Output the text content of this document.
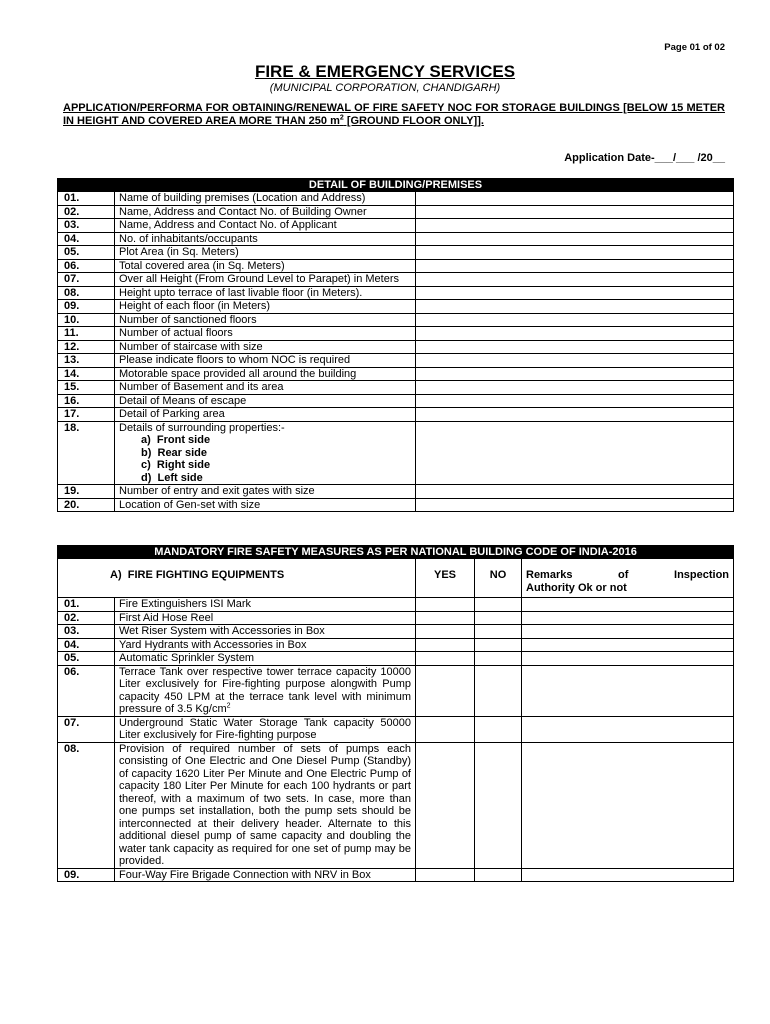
Page 01 of 02
FIRE & EMERGENCY SERVICES
(MUNICIPAL CORPORATION, CHANDIGARH)
APPLICATION/PERFORMA FOR OBTAINING/RENEWAL OF FIRE SAFETY NOC FOR STORAGE BUILDINGS [BELOW 15 METER IN HEIGHT AND COVERED AREA MORE THAN 250 $m^2$ [GROUND FLOOR ONLY]].
Application Date-___/___ /20__
DETAIL OF BUILDING/PREMISES		
01.	Name of building premises (Location and Address)	
02.	Name, Address and Contact No. of Building Owner	
03.	Name, Address and Contact No. of Applicant	
04.	No. of inhabitants/occupants	
05.	Plot Area (in Sq. Meters)	
06.	Total covered area (in Sq. Meters)	
07.	Over all Height (From Ground Level to Parapet) in Meters	
08.	Height upto terrace of last livable floor (in Meters).	
09.	Height of each floor (in Meters)	
10.	Number of sanctioned floors	
11.	Number of actual floors	
12.	Number of staircase with size	
13.	Please indicate floors to whom NOC is required	
14.	Motorable space provided all around the building	
15.	Number of Basement and its area	
16.	Detail of Means of escape	
17.	Detail of Parking area	
18.	Details of surrounding properties:-
a)  Front side
b)  Rear side
c)  Right side
d)  Left side	

19.	Number of entry and exit gates with size	
20.	Location of Gen-set with size	
MANDATORY FIRE SAFETY MEASURES AS PER NATIONAL BUILDING CODE OF INDIA-2016				
A)  FIRE FIGHTING EQUIPMENTS		YES	NO	Remarks of Inspection
Authority Ok or not

01.	Fire Extinguishers ISI Mark			
02.	First Aid Hose Reel			
03.	Wet Riser System with Accessories in Box			
04.	Yard Hydrants with Accessories in Box			
05.	Automatic Sprinkler System			
06.	Terrace Tank over respective tower terrace capacity 10000 Liter exclusively for Fire-fighting purpose alongwith Pump capacity 450 LPM at the terrace tank level with minimum pressure of 3.5 $Kg/cm^2$			
07.	Underground Static Water Storage Tank capacity 50000 Liter exclusively for Fire-fighting purpose			
08.	Provision of required number of sets of pumps each consisting of One Electric and One Diesel Pump (Standby) of capacity 1620 Liter Per Minute and One Electric Pump of capacity 180 Liter Per Minute for each 100 hydrants or part thereof, with a maximum of two sets. In case, more than one pumps set installation, both the pump sets should be interconnected at their delivery header. Alternate to this additional diesel pump of same capacity and doubling the water tank capacity as required for one set of pump may be provided.			
09.	Four-Way Fire Brigade Connection with NRV in Box			
